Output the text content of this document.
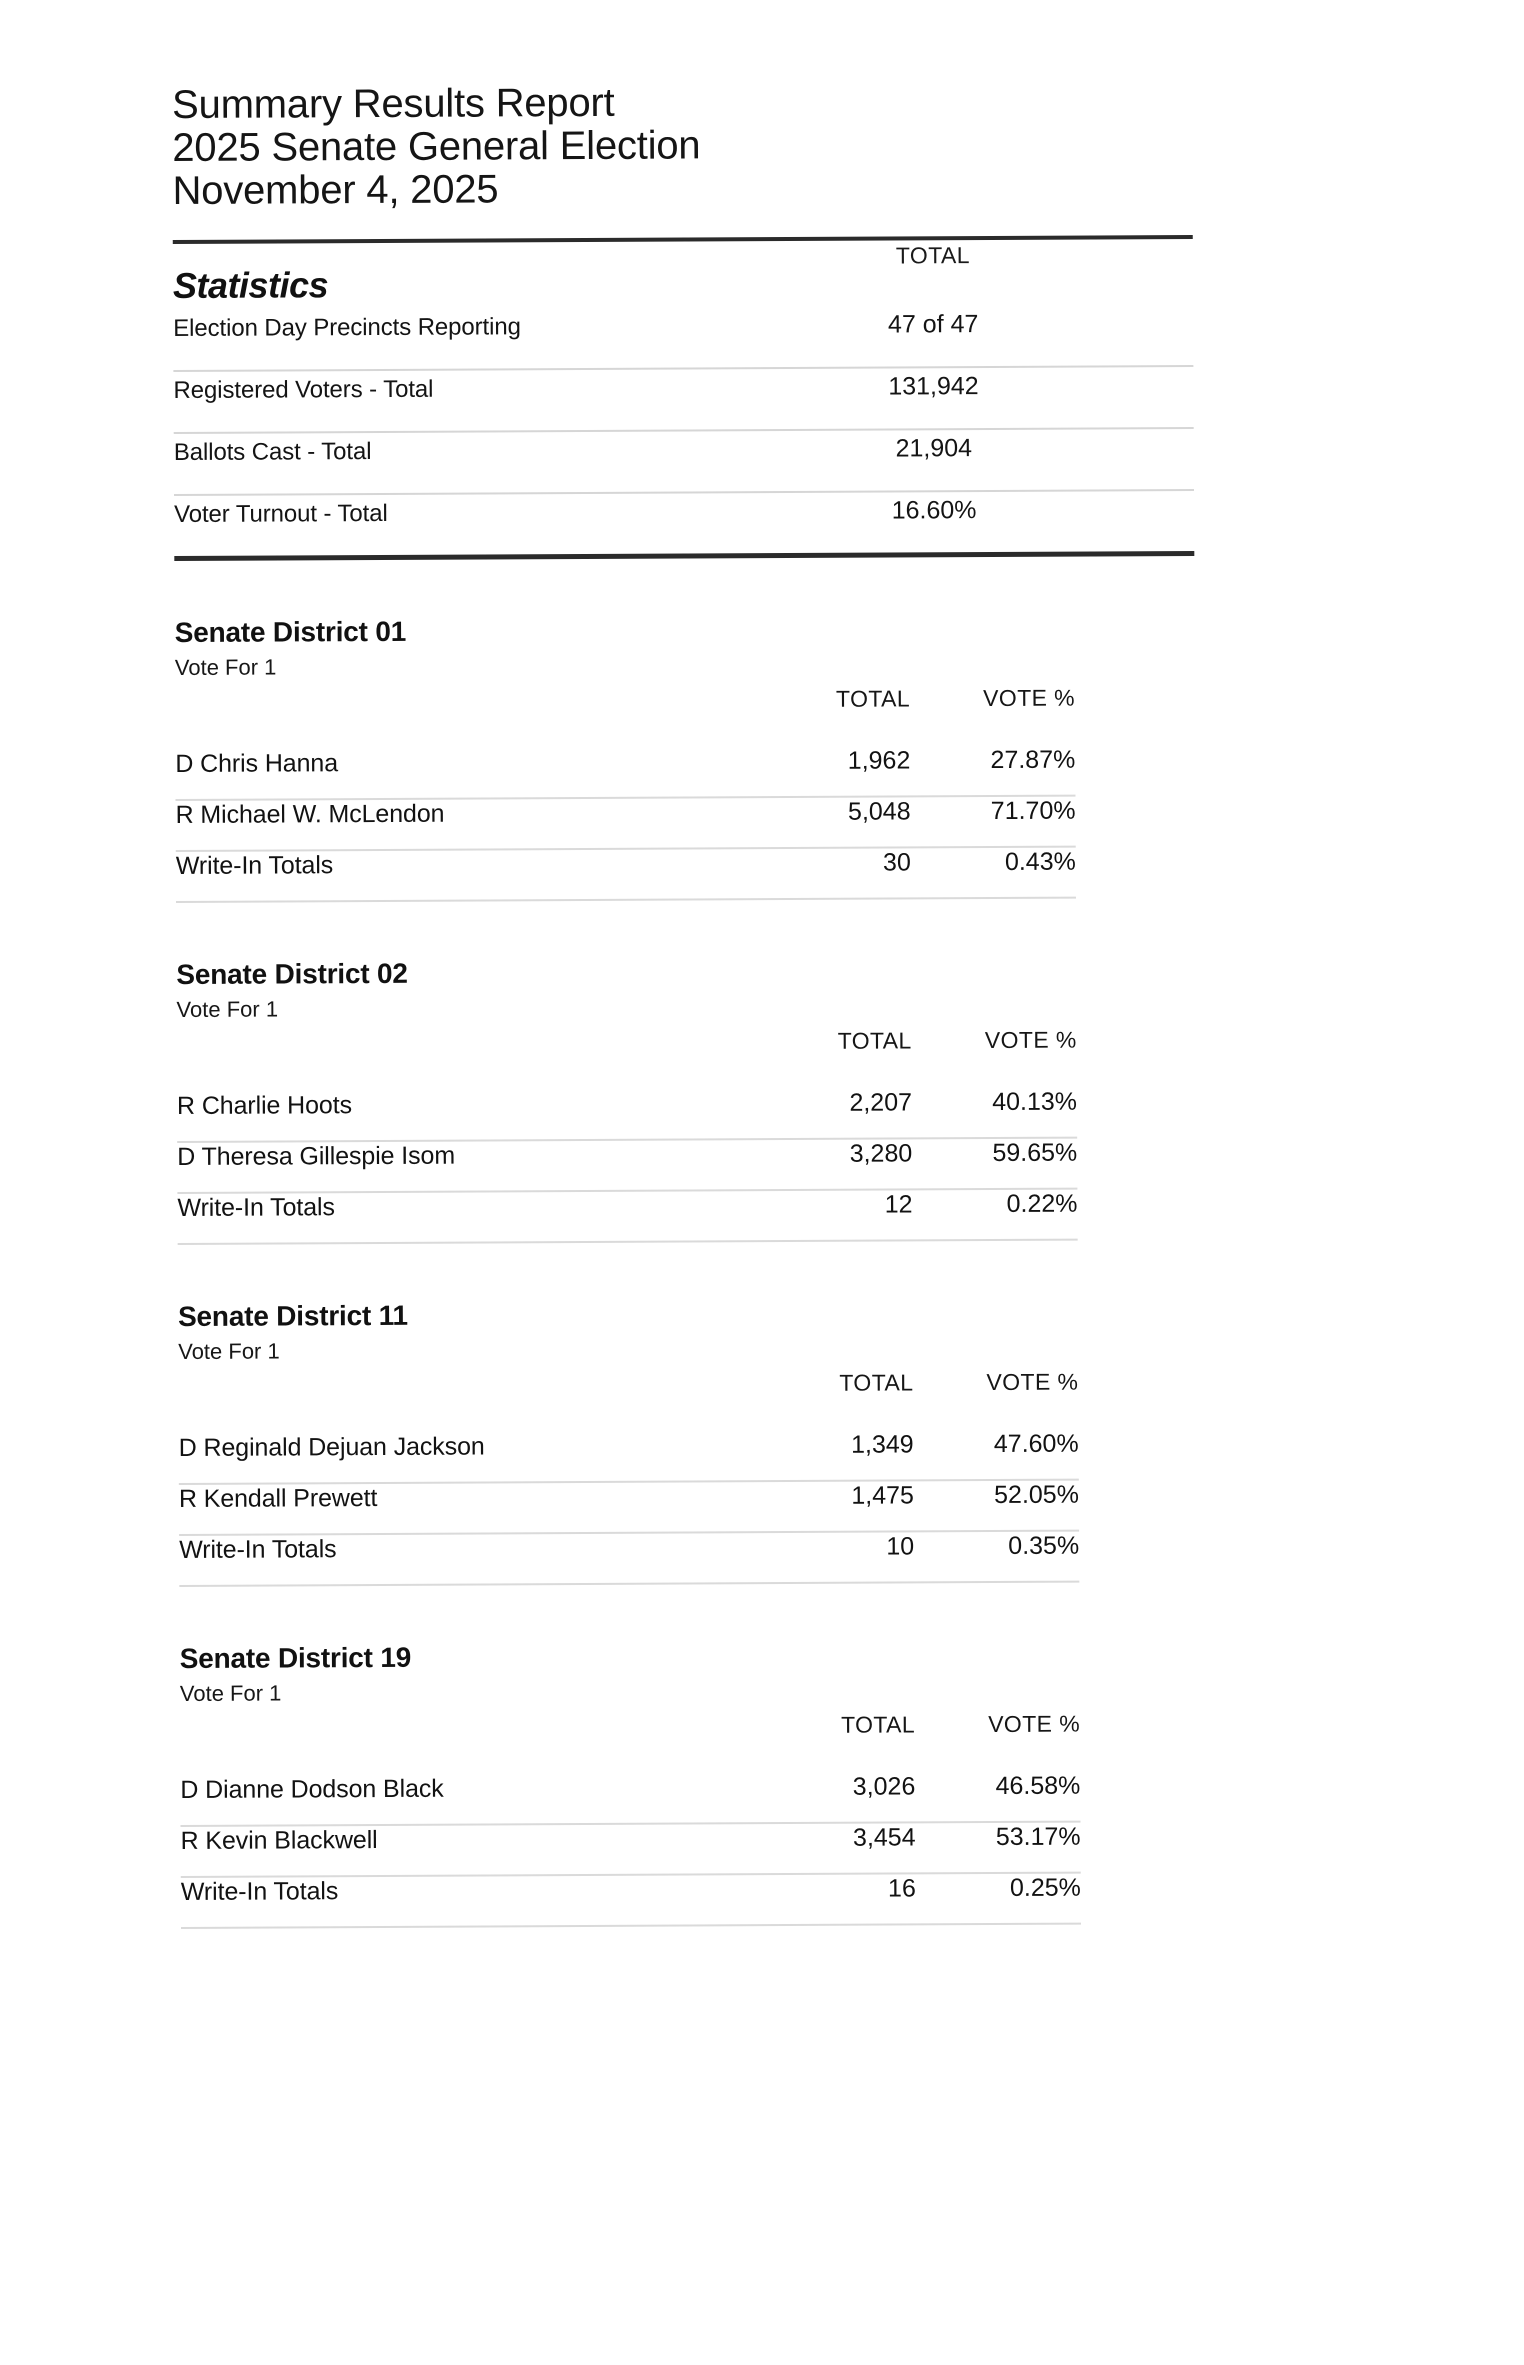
Summary Results Report
2025 Senate General Election
November 4, 2025
Statistics
TOTAL
Election Day Precincts Reporting	47 of 47
Registered Voters - Total	131,942
Ballots Cast - Total	21,904
Voter Turnout - Total	16.60%
Senate District 01
Vote For 1
TOTAL	VOTE %
D Chris Hanna	1,962	27.87%
R Michael W. McLendon	5,048	71.70%
Write-In Totals	30	0.43%
Senate District 02
Vote For 1
TOTAL	VOTE %
R Charlie Hoots	2,207	40.13%
D Theresa Gillespie Isom	3,280	59.65%
Write-In Totals	12	0.22%
Senate District 11
Vote For 1
TOTAL	VOTE %
D Reginald Dejuan Jackson	1,349	47.60%
R Kendall Prewett	1,475	52.05%
Write-In Totals	10	0.35%
Senate District 19
Vote For 1
TOTAL	VOTE %
D Dianne Dodson Black	3,026	46.58%
R Kevin Blackwell	3,454	53.17%
Write-In Totals	16	0.25%
